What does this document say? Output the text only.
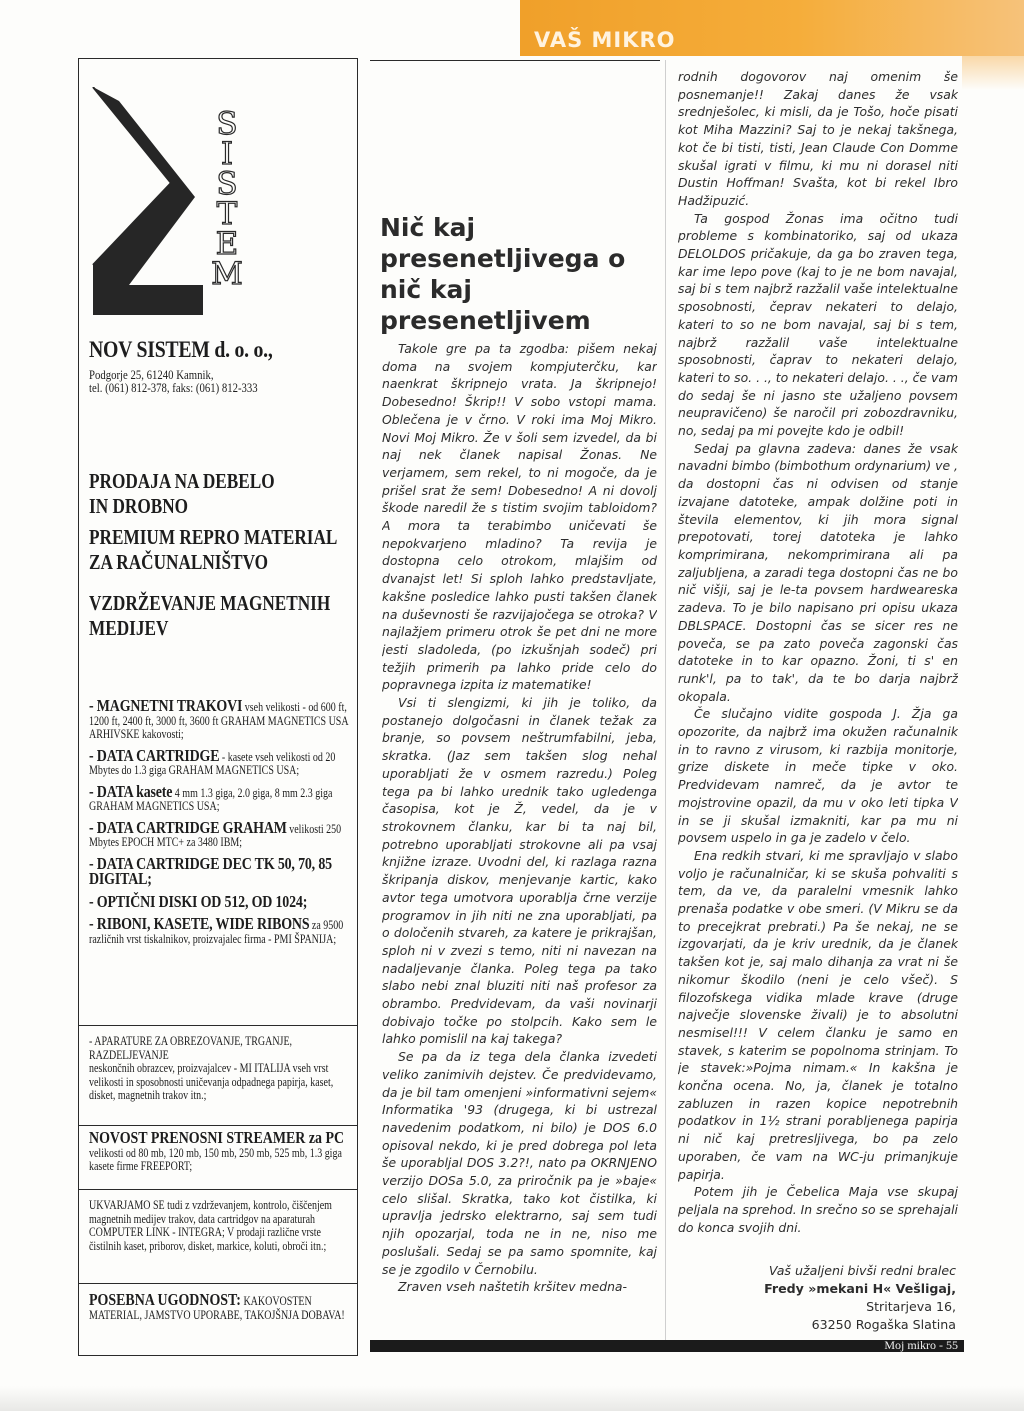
VAŠ MIKRO
S
I
S
T
E
M
NOV SISTEM d. o. o.,
Podgorje 25, 61240 Kamnik,
tel. (061) 812-378, faks: (061) 812-333
PRODAJA NA DEBELO
IN DROBNO
PREMIUM REPRO MATERIAL
ZA RAČUNALNIŠTVO
VZDRŽEVANJE MAGNETNIH
MEDIJEV
- MAGNETNI TRAKOVI vseh velikosti - od 600 ft, 1200 ft, 2400 ft, 3000 ft, 3600 ft GRAHAM MAGNETICS USA ARHIVSKE kakovosti;
- DATA CARTRIDGE - kasete vseh velikosti od 20 Mbytes do 1.3 giga GRAHAM MAGNETICS USA;
- DATA kasete 4 mm 1.3 giga, 2.0 giga, 8 mm 2.3 giga GRAHAM MAGNETICS USA;
- DATA CARTRIDGE GRAHAM velikosti 250 Mbytes EPOCH MTC+ za 3480 IBM;
- DATA CARTRIDGE DEC TK 50, 70, 85 DIGITAL;
- OPTIČNI DISKI OD 512, OD 1024;
- RIBONI, KASETE, WIDE RIBONS za 9500 različnih vrst tiskalnikov, proizvajalec firma - PMI ŠPANIJA;
- APARATURE ZA OBREZOVANJE, TRGANJE, RAZDELJEVANJE
neskončnih obrazcev, proizvajalcev - MI ITALIJA vseh vrst velikosti in sposobnosti uničevanja odpadnega papirja, kaset, disket, magnetnih trakov itn.;
NOVOST PRENOSNI STREAMER za PC velikosti od 80 mb, 120 mb, 150 mb, 250 mb, 525 mb, 1.3 giga kasete firme FREEPORT;
UKVARJAMO SE tudi z vzdrževanjem, kontrolo, čiščenjem magnetnih medijev trakov, data cartridgov na aparaturah COMPUTER LINK - INTEGRA; V prodaji različne vrste čistilnih kaset, priborov, disket, markice, koluti, obroči itn.;
POSEBNA UGODNOST: KAKOVOSTEN MATERIAL, JAMSTVO UPORABE, TAKOJŠNJA DOBAVA!
Nič kaj presenetljivega o nič kaj presenetljivem

Takole gre pa ta zgodba: pišem nekaj doma na svojem kompjuterčku, kar naenkrat škripnejo vrata. Ja škripnejo! Dobesedno! Škrip!! V sobo vstopi mama. Oblečena je v črno. V roki ima Moj Mikro. Novi Moj Mikro. Že v šoli sem izvedel, da bi naj nek članek napisal Žonas. Ne verjamem, sem rekel, to ni mogoče, da je prišel srat že sem! Dobesedno! A ni dovolj škode naredil že s tistim svojim tabloidom? A mora ta terabimbo uničevati še nepokvarjeno mladino? Ta revija je dostopna celo otrokom, mlajšim od dvanajst let! Si sploh lahko predstavljate, kakšne posledice lahko pusti takšen članek na duševnosti še razvijajočega se otroka? V najlažjem primeru otrok še pet dni ne more jesti sladoleda, (po izkušnjah sodeč) pri težjih primerih pa lahko pride celo do popravnega izpita iz matematike!

Vsi ti slengizmi, ki jih je toliko, da postanejo dolgočasni in članek težak za branje, so povsem neštrumfabilni, jeba, skratka. (Jaz sem takšen slog nehal uporabljati že v osmem razredu.) Poleg tega pa bi lahko urednik tako ugledenga časopisa, kot je Ž, vedel, da je v strokovnem članku, kar bi ta naj bil, potrebno uporabljati strokovne ali pa vsaj knjižne izraze. Uvodni del, ki razlaga razna škripanja diskov, menjevanje kartic, kako avtor tega umotvora uporablja črne verzije programov in jih niti ne zna uporabljati, pa o določenih stvareh, za katere je prikrajšan, sploh ni v zvezi s temo, niti ni navezan na nadaljevanje članka. Poleg tega pa tako slabo nebi znal bluziti niti naš profesor za obrambo. Predvidevam, da vaši novinarji dobivajo točke po stolpcih. Kako sem le lahko pomislil na kaj takega?

Se pa da iz tega dela članka izvedeti veliko zanimivih dejstev. Če predvidevamo, da je bil tam omenjeni »informativni sejem« Informatika '93 (drugega, ki bi ustrezal navedenim podatkom, ni bilo) je DOS 6.0 opisoval nekdo, ki je pred dobrega pol leta še uporabljal DOS 3.2?!, nato pa OKRNJENO verzijo DOSa 5.0, za priročnik pa je »baje« celo slišal. Skratka, tako kot čistilka, ki upravlja jedrsko elektrarno, saj sem tudi njih opozarjal, toda ne in ne, niso me poslušali. Sedaj se pa samo spomnite, kaj se je zgodilo v Černobilu.

Zraven vseh naštetih kršitev medna-

rodnih dogovorov naj omenim še posnemanje!! Zakaj danes že vsak srednješolec, ki misli, da je Tošo, hoče pisati kot Miha Mazzini? Saj to je nekaj takšnega, kot če bi tisti, tisti, Jean Claude Con Domme skušal igrati v filmu, ki mu ni dorasel niti Dustin Hoffman! Svašta, kot bi rekel Ibro Hadžipuzić.

Ta gospod Žonas ima očitno tudi probleme s kombinatoriko, saj od ukaza DELOLDOS pričakuje, da ga bo zraven tega, kar ime lepo pove (kaj to je ne bom navajal, saj bi s tem najbrž razžalil vaše intelektualne sposobnosti, čeprav nekateri to delajo, kateri to so ne bom navajal, saj bi s tem, najbrž razžalil vaše intelektualne sposobnosti, čaprav to nekateri delajo, kateri to so. . ., to nekateri delajo. . ., če vam do sedaj še ni jasno ste užaljeno povsem neupravičeno) še naročil pri zobozdravniku, no, sedaj pa mi povejte kdo je odbil!

Sedaj pa glavna zadeva: danes že vsak navadni bimbo (bimbothum ordynarium) ve , da dostopni čas ni odvisen od stanje izvajane datoteke, ampak dolžine poti in števila elementov, ki jih mora signal prepotovati, torej datoteka je lahko komprimirana, nekomprimirana ali pa zaljubljena, a zaradi tega dostopni čas ne bo nič višji, saj je le-ta povsem hardweareska zadeva. To je bilo napisano pri opisu ukaza DBLSPACE. Dostopni čas se sicer res ne poveča, se pa zato poveča zagonski čas datoteke in to kar opazno. Žoni, ti s' en runk'l, pa to tak', da te bo darja najbrž okopala.

Če slučajno vidite gospoda J. Žja ga opozorite, da najbrž ima okužen računalnik in to ravno z virusom, ki razbija monitorje, grize diskete in meče tipke v oko. Predvidevam namreč, da je avtor te mojstrovine opazil, da mu v oko leti tipka V in se ji skušal izmakniti, kar pa mu ni povsem uspelo in ga je zadelo v čelo.

Ena redkih stvari, ki me spravljajo v slabo voljo je računalničar, ki se skuša pohvaliti s tem, da ve, da paralelni vmesnik lahko prenaša podatke v obe smeri. (V Mikru se da to precejkrat prebrati.) Pa še nekaj, ne se izgovarjati, da je kriv urednik, da je članek takšen kot je, saj malo dihanja za vrat ni še nikomur škodilo (neni je celo všeč). S filozofskega vidika mlade krave (druge največje slovenske živali) je to absolutni nesmisel!!! V celem članku je samo en stavek, s katerim se popolnoma strinjam. To je stavek:»Pojma nimam.« In kakšna je končna ocena. No, ja, članek je totalno zabluzen in razen kopice nepotrebnih podatkov in 1½ strani porabljenega papirja ni nič kaj pretresljivega, bo pa zelo uporaben, če vam na WC-ju primanjkuje papirja.

Potem jih je Čebelica Maja vse skupaj peljala na sprehod. In srečno so se sprehajali do konca svojih dni.

Vaš užaljeni bivši redni bralec
Fredy »mekani H« Vešligaj,
Stritarjeva 16,
63250 Rogaška Slatina
Moj mikro - 55
